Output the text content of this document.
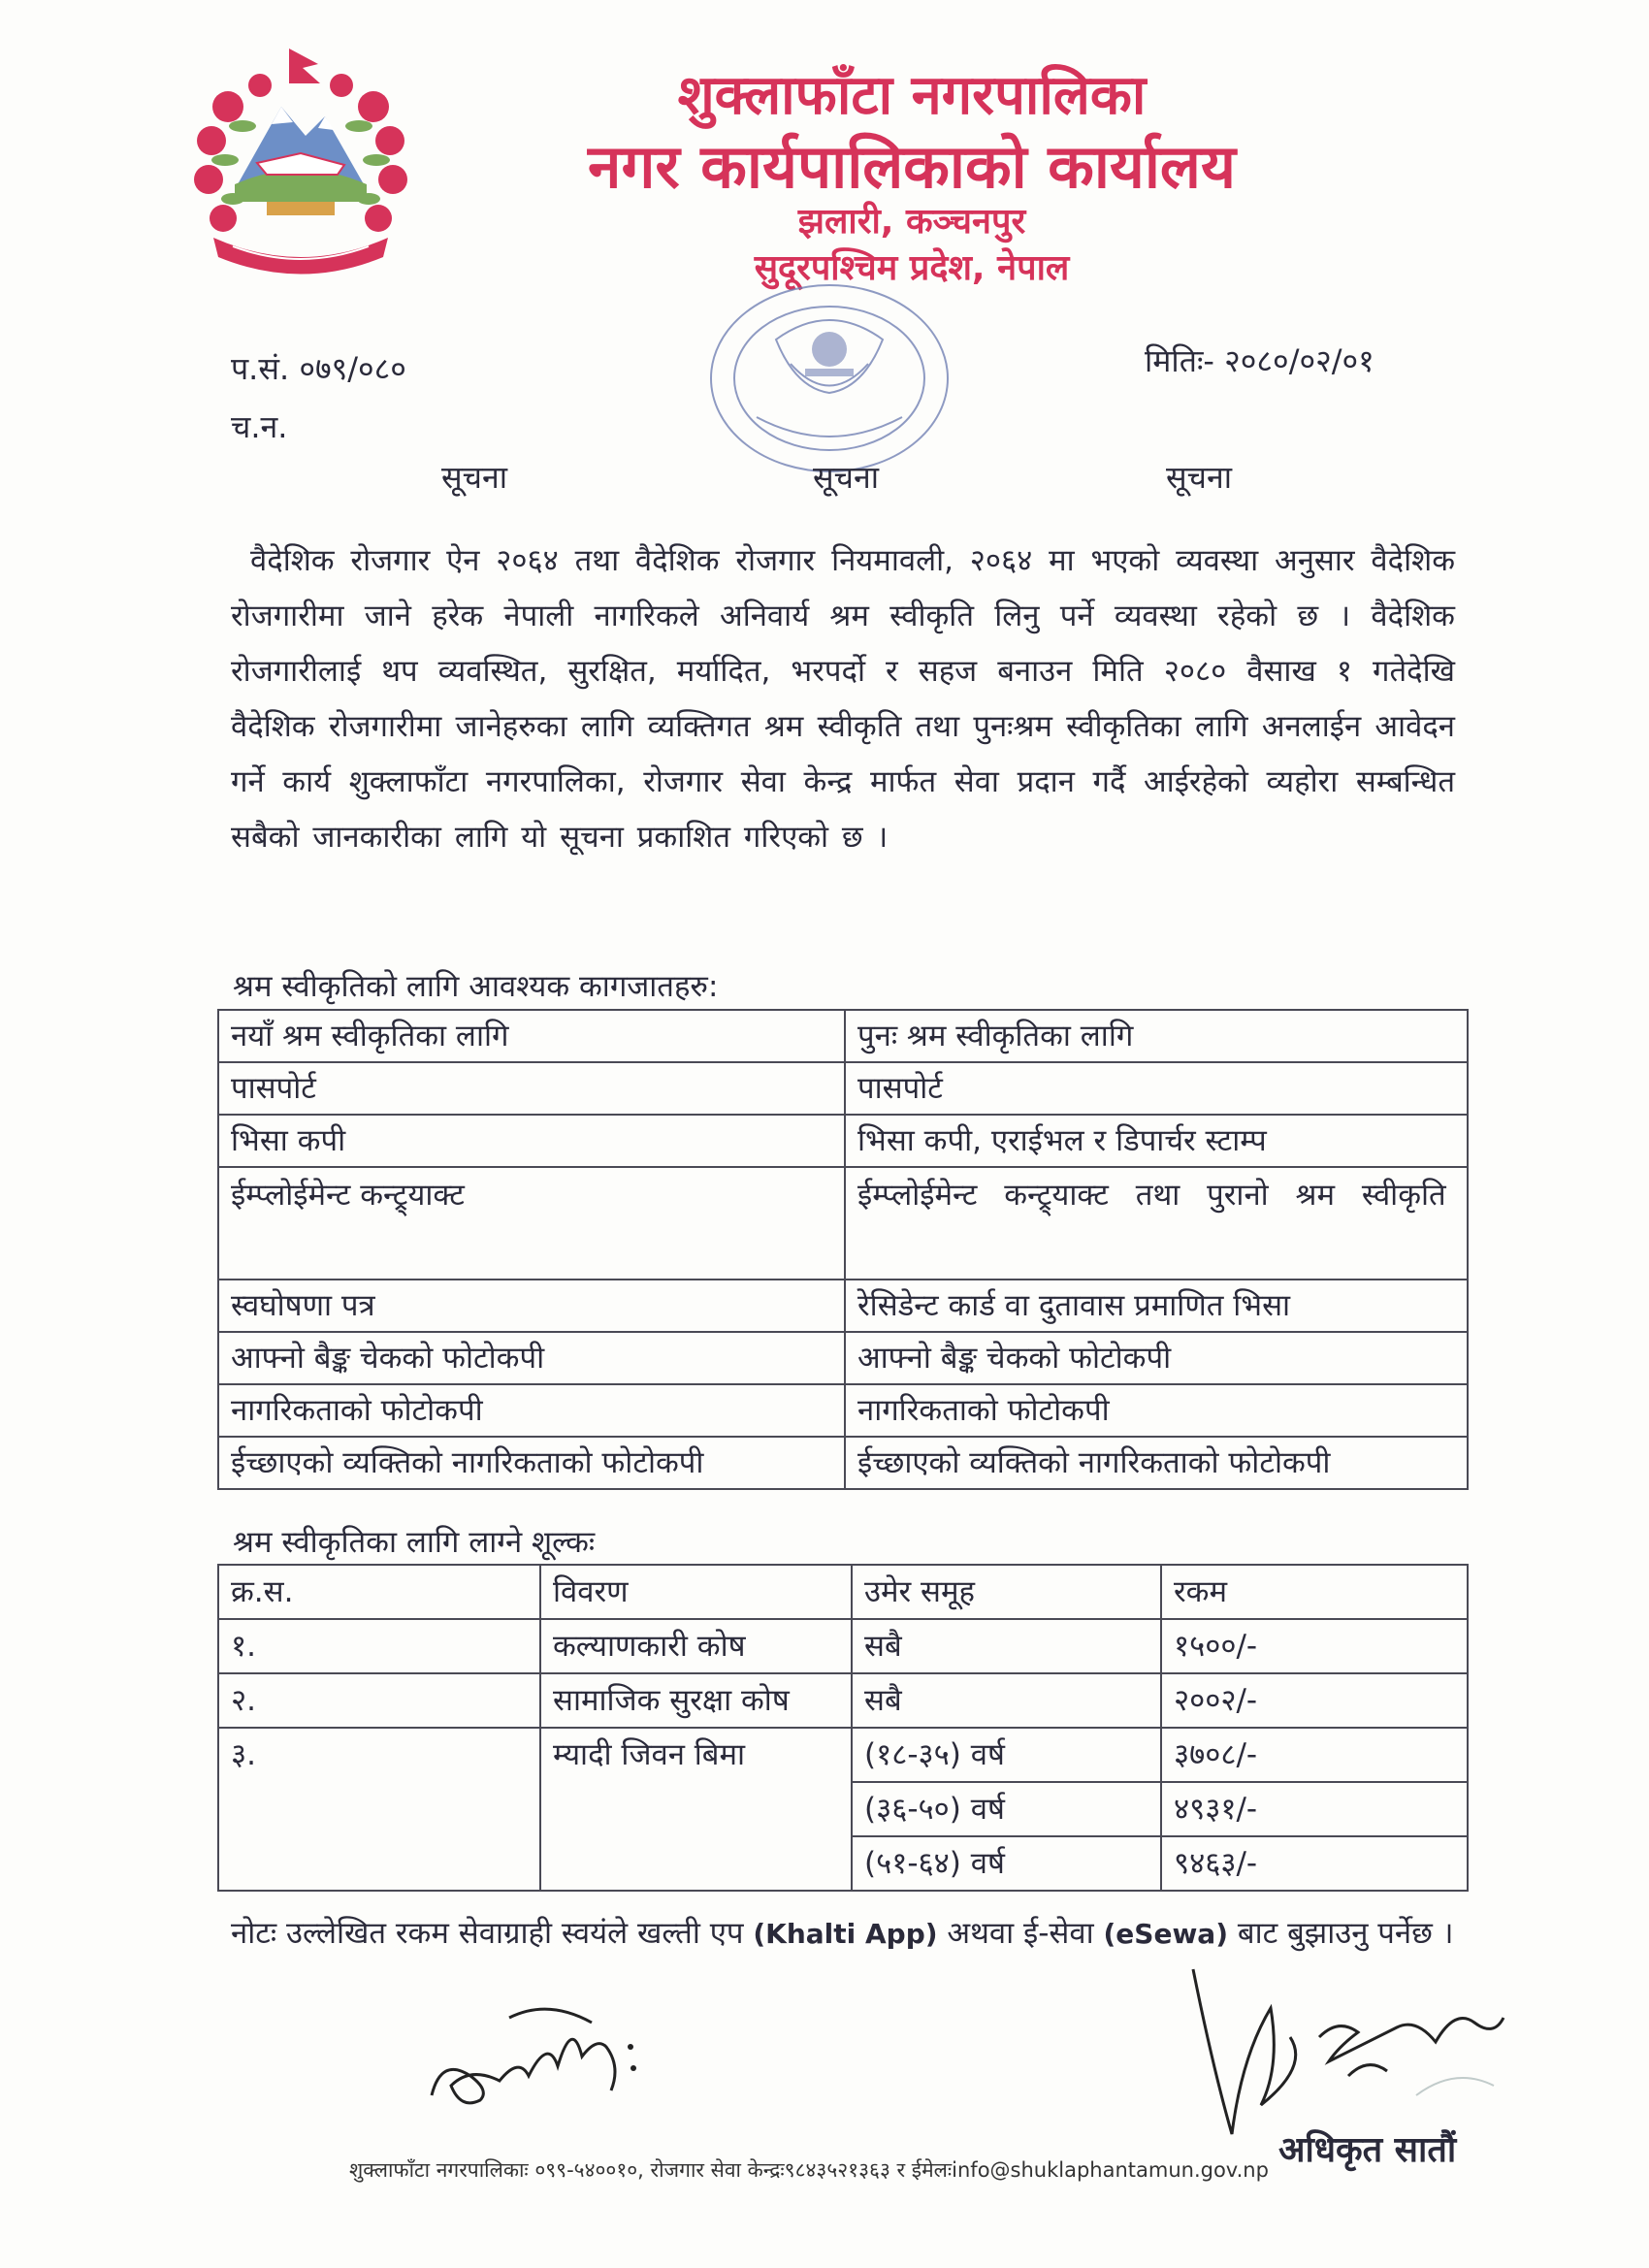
शुक्लाफाँटा नगरपालिका
नगर कार्यपालिकाको कार्यालय
झलारी, कञ्चनपुर
सुदूरपश्चिम प्रदेश, नेपाल
प.सं. ०७९/०८०
च.न.
मितिः- २०८०/०२/०१
सूचना	सूचना	सूचना
वैदेशिक रोजगार ऐन २०६४ तथा वैदेशिक रोजगार नियमावली, २०६४ मा भएको व्यवस्था अनुसार वैदेशिक रोजगारीमा जाने हरेक नेपाली नागरिकले अनिवार्य श्रम स्वीकृति लिनु पर्ने व्यवस्था रहेको छ । वैदेशिक रोजगारीलाई थप व्यवस्थित, सुरक्षित, मर्यादित, भरपर्दो र सहज बनाउन मिति २०८० वैसाख १ गतेदेखि वैदेशिक रोजगारीमा जानेहरुका लागि व्यक्तिगत श्रम स्वीकृति तथा पुनःश्रम स्वीकृतिका लागि अनलाईन आवेदन गर्ने कार्य शुक्लाफाँटा नगरपालिका, रोजगार सेवा केन्द्र मार्फत सेवा प्रदान गर्दै आईरहेको व्यहोरा सम्बन्धित सबैको जानकारीका लागि यो सूचना प्रकाशित गरिएको छ ।
श्रम स्वीकृतिको लागि आवश्यक कागजातहरु:
नयाँ श्रम स्वीकृतिका लागि	पुनः श्रम स्वीकृतिका लागि
पासपोर्ट	पासपोर्ट
भिसा कपी	भिसा कपी, एराईभल र डिपार्चर स्टाम्प
ईम्प्लोईमेन्ट कन्ट्र्याक्ट	ईम्प्लोईमेन्ट कन्ट्र्याक्ट तथा पुरानो श्रम स्वीकृति
स्वघोषणा पत्र	रेसिडेन्ट कार्ड वा दुतावास प्रमाणित भिसा
आफ्नो बैङ्क चेकको फोटोकपी	आफ्नो बैङ्क चेकको फोटोकपी
नागरिकताको फोटोकपी	नागरिकताको फोटोकपी
ईच्छाएको व्यक्तिको नागरिकताको फोटोकपी	ईच्छाएको व्यक्तिको नागरिकताको फोटोकपी
श्रम स्वीकृतिका लागि लाग्ने शूल्कः
क्र.स.	विवरण	उमेर समूह	रकम
१.	कल्याणकारी कोष	सबै	१५००/-
२.	सामाजिक सुरक्षा कोष	सबै	२००२/-
३.	म्यादी जिवन बिमा	(१८-३५) वर्ष	३७०८/-
		(३६-५०) वर्ष	४९३१/-
		(५१-६४) वर्ष	९४६३/-
नोटः उल्लेखित रकम सेवाग्राही स्वयंले खल्ती एप (Khalti App) अथवा ई-सेवा (eSewa) बाट बुझाउनु पर्नेछ ।
अधिकृत सातौं
शुक्लाफाँटा नगरपालिकाः ०९९-५४००१०, रोजगार सेवा केन्द्रः९८४३५२१३६३ र ईमेलःinfo@shuklaphantamun.gov.np
